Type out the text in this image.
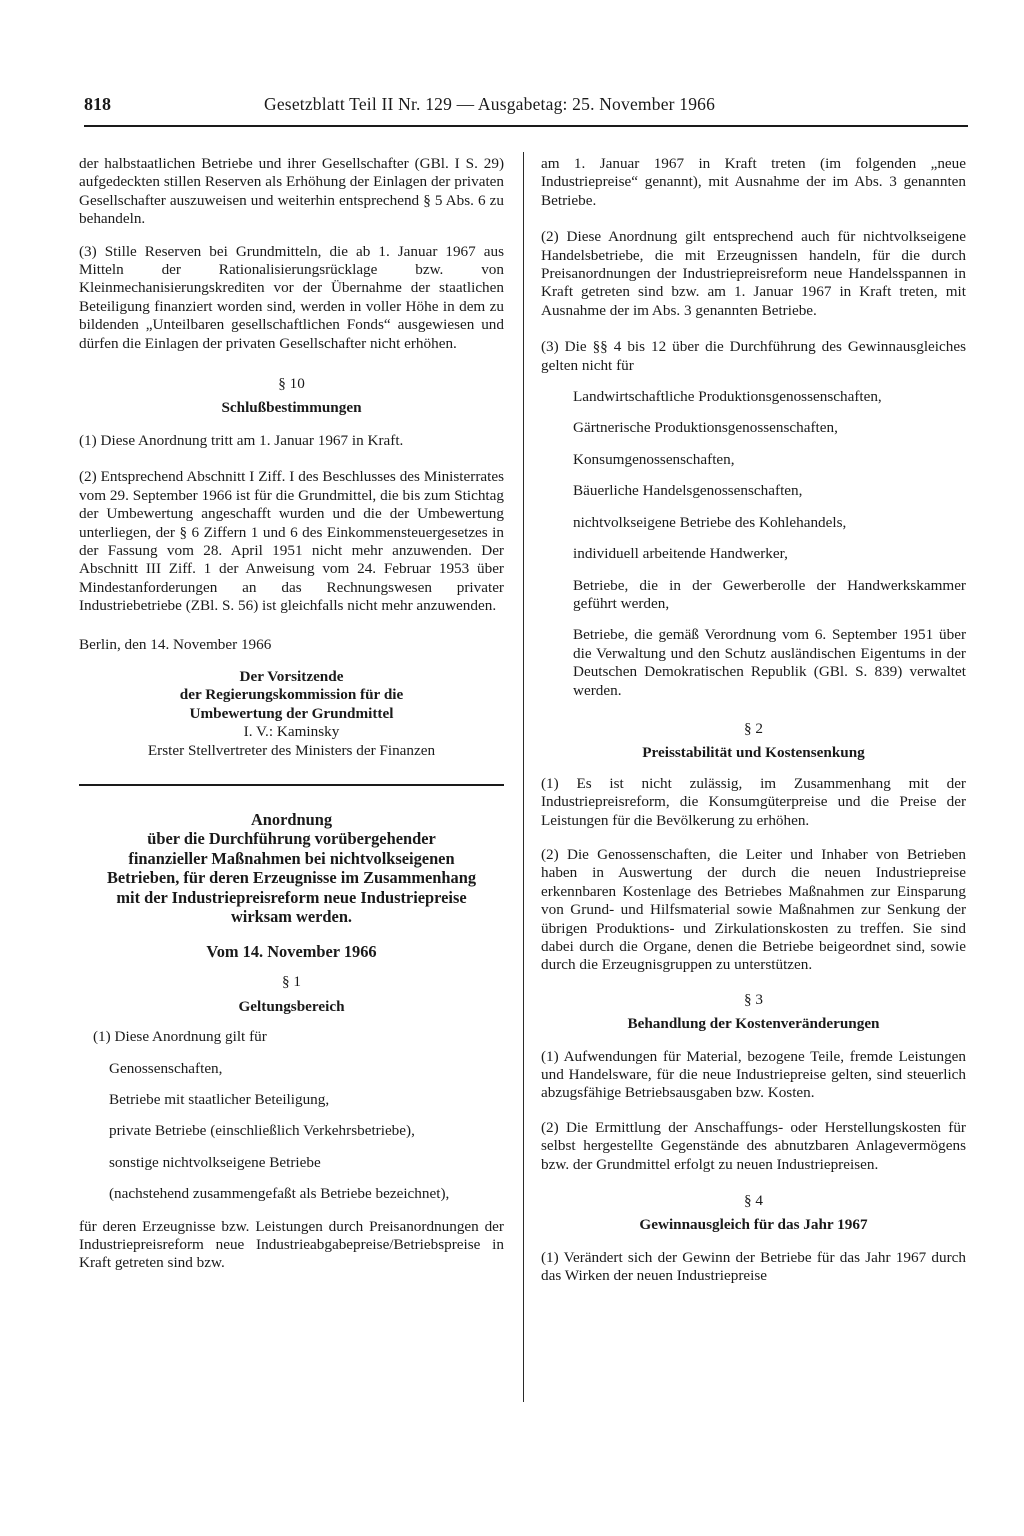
818	Gesetzblatt Teil II Nr. 129 — Ausgabetag: 25. November 1966

der halbstaatlichen Betriebe und ihrer Gesellschafter (GBl. I S. 29) aufgedeckten stillen Reserven als Erhöhung der Einlagen der privaten Gesellschafter auszuweisen und weiterhin entsprechend § 5 Abs. 6 zu behandeln.

(3) Stille Reserven bei Grundmitteln, die ab 1. Januar 1967 aus Mitteln der Rationalisierungsrücklage bzw. von Kleinmechanisierungskrediten vor der Übernahme der staatlichen Beteiligung finanziert worden sind, werden in voller Höhe in dem zu bildenden „Unteilbaren gesellschaftlichen Fonds“ ausgewiesen und dürfen die Einlagen der privaten Gesellschafter nicht erhöhen.

§ 10
Schlußbestimmungen

(1) Diese Anordnung tritt am 1. Januar 1967 in Kraft.

(2) Entsprechend Abschnitt I Ziff. I des Beschlusses des Ministerrates vom 29. September 1966 ist für die Grundmittel, die bis zum Stichtag der Umbewertung angeschafft wurden und die der Umbewertung unterliegen, der § 6 Ziffern 1 und 6 des Einkommensteuergesetzes in der Fassung vom 28. April 1951 nicht mehr anzuwenden. Der Abschnitt III Ziff. 1 der Anweisung vom 24. Februar 1953 über Mindestanforderungen an das Rechnungswesen privater Industriebetriebe (ZBl. S. 56) ist gleichfalls nicht mehr anzuwenden.

Berlin, den 14. November 1966

Der Vorsitzende
der Regierungskommission für die
Umbewertung der Grundmittel
I. V.: Kaminsky
Erster Stellvertreter des Ministers der Finanzen
Anordnung
über die Durchführung vorübergehender
finanzieller Maßnahmen bei nichtvolkseigenen
Betrieben, für deren Erzeugnisse im Zusammenhang
mit der Industriepreisreform neue Industriepreise
wirksam werden.
Vom 14. November 1966
§ 1
Geltungsbereich

(1) Diese Anordnung gilt für

Genossenschaften,
Betriebe mit staatlicher Beteiligung,
private Betriebe (einschließlich Verkehrsbetriebe),
sonstige nichtvolkseigene Betriebe
(nachstehend zusammengefaßt als Betriebe bezeichnet),

für deren Erzeugnisse bzw. Leistungen durch Preisanordnungen der Industriepreisreform neue Industrieabgabepreise/Betriebspreise in Kraft getreten sind bzw.

am 1. Januar 1967 in Kraft treten (im folgenden „neue Industriepreise“ genannt), mit Ausnahme der im Abs. 3 genannten Betriebe.

(2) Diese Anordnung gilt entsprechend auch für nichtvolkseigene Handelsbetriebe, die mit Erzeugnissen handeln, für die durch Preisanordnungen der Industriepreisreform neue Handelsspannen in Kraft getreten sind bzw. am 1. Januar 1967 in Kraft treten, mit Ausnahme der im Abs. 3 genannten Betriebe.

(3) Die §§ 4 bis 12 über die Durchführung des Gewinnausgleiches gelten nicht für

Landwirtschaftliche Produktionsgenossenschaften,
Gärtnerische Produktionsgenossenschaften,
Konsumgenossenschaften,
Bäuerliche Handelsgenossenschaften,
nichtvolkseigene Betriebe des Kohlehandels,
individuell arbeitende Handwerker,
Betriebe, die in der Gewerberolle der Handwerkskammer geführt werden,
Betriebe, die gemäß Verordnung vom 6. September 1951 über die Verwaltung und den Schutz ausländischen Eigentums in der Deutschen Demokratischen Republik (GBl. S. 839) verwaltet werden.
§ 2
Preisstabilität und Kostensenkung

(1) Es ist nicht zulässig, im Zusammenhang mit der Industriepreisreform, die Konsumgüterpreise und die Preise der Leistungen für die Bevölkerung zu erhöhen.

(2) Die Genossenschaften, die Leiter und Inhaber von Betrieben haben in Auswertung der durch die neuen Industriepreise erkennbaren Kostenlage des Betriebes Maßnahmen zur Einsparung von Grund- und Hilfsmaterial sowie Maßnahmen zur Senkung der übrigen Produktions- und Zirkulationskosten zu treffen. Sie sind dabei durch die Organe, denen die Betriebe beigeordnet sind, sowie durch die Erzeugnisgruppen zu unterstützen.

§ 3
Behandlung der Kostenveränderungen

(1) Aufwendungen für Material, bezogene Teile, fremde Leistungen und Handelsware, für die neue Industriepreise gelten, sind steuerlich abzugsfähige Betriebsausgaben bzw. Kosten.

(2) Die Ermittlung der Anschaffungs- oder Herstellungskosten für selbst hergestellte Gegenstände des abnutzbaren Anlagevermögens bzw. der Grundmittel erfolgt zu neuen Industriepreisen.

§ 4
Gewinnausgleich für das Jahr 1967

(1) Verändert sich der Gewinn der Betriebe für das Jahr 1967 durch das Wirken der neuen Industriepreise
